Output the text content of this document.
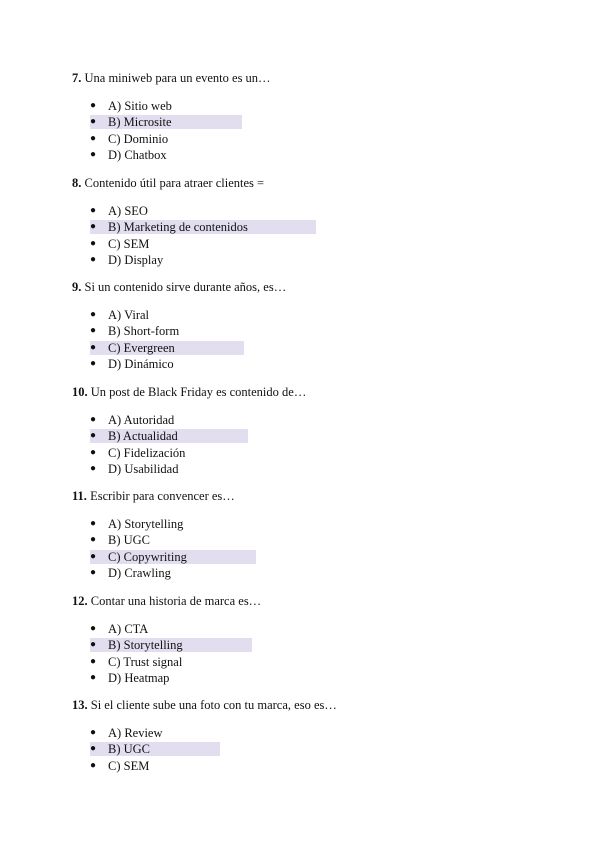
7. Una miniweb para un evento es un…
● A) Sitio web
● B) Microsite
● C) Dominio
● D) Chatbox
8. Contenido útil para atraer clientes =
● A) SEO
● B) Marketing de contenidos
● C) SEM
● D) Display
9. Si un contenido sirve durante años, es…
● A) Viral
● B) Short-form
● C) Evergreen
● D) Dinámico
10. Un post de Black Friday es contenido de…
● A) Autoridad
● B) Actualidad
● C) Fidelización
● D) Usabilidad
11. Escribir para convencer es…
● A) Storytelling
● B) UGC
● C) Copywriting
● D) Crawling
12. Contar una historia de marca es…
● A) CTA
● B) Storytelling
● C) Trust signal
● D) Heatmap
13. Si el cliente sube una foto con tu marca, eso es…
● A) Review
● B) UGC
● C) SEM
